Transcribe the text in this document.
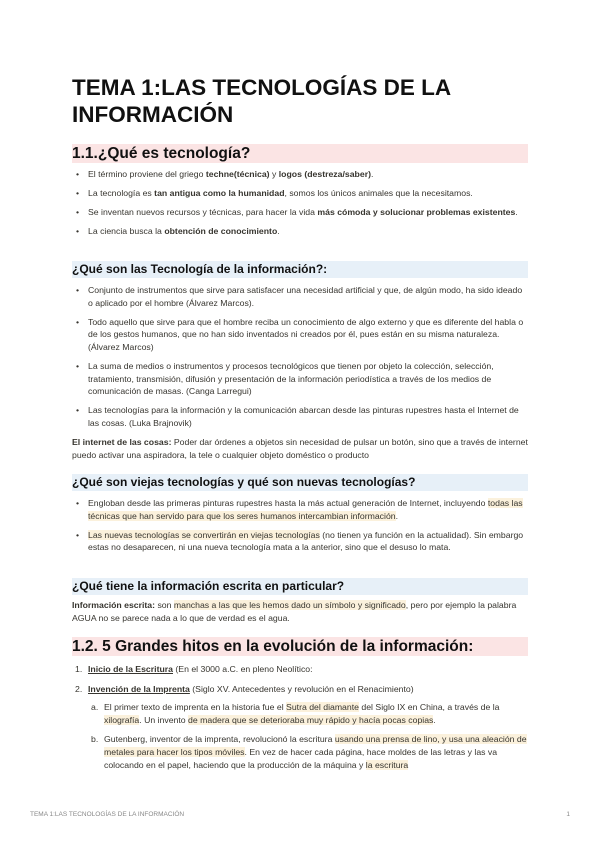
TEMA 1:LAS TECNOLOGÍAS DE LA INFORMACIÓN
1.1.¿Qué es tecnología?
• El término proviene del griego techne(técnica) y logos (destreza/saber).
• La tecnología es tan antigua como la humanidad, somos los únicos animales que la necesitamos.
• Se inventan nuevos recursos y técnicas, para hacer la vida más cómoda y solucionar problemas existentes.
• La ciencia busca la obtención de conocimiento.
¿Qué son las Tecnología de la información?:
• Conjunto de instrumentos que sirve para satisfacer una necesidad artificial y que, de algún modo, ha sido ideado o aplicado por el hombre (Álvarez Marcos).
• Todo aquello que sirve para que el hombre reciba un conocimiento de algo externo y que es diferente del habla o de los gestos humanos, que no han sido inventados ni creados por él, pues están en su misma naturaleza. (Álvarez Marcos)
• La suma de medios o instrumentos y procesos tecnológicos que tienen por objeto la colección, selección, tratamiento, transmisión, difusión y presentación de la información periodística a través de los medios de comunicación de masas. (Canga Larregui)
• Las tecnologías para la información y la comunicación abarcan desde las pinturas rupestres hasta el Internet de las cosas. (Luka Brajnovik)
El internet de las cosas: Poder dar órdenes a objetos sin necesidad de pulsar un botón, sino que a través de internet puedo activar una aspiradora, la tele o cualquier objeto doméstico o producto
¿Qué son viejas tecnologías y qué son nuevas tecnologías?
• Engloban desde las primeras pinturas rupestres hasta la más actual generación de Internet, incluyendo todas las técnicas que han servido para que los seres humanos intercambian información.
• Las nuevas tecnologías se convertirán en viejas tecnologías (no tienen ya función en la actualidad). Sin embargo estas no desaparecen, ni una nueva tecnología mata a la anterior, sino que el desuso lo mata.
¿Qué tiene la información escrita en particular?
Información escrita: son manchas a las que les hemos dado un símbolo y significado, pero por ejemplo la palabra AGUA no se parece nada a lo que de verdad es el agua.
1.2. 5 Grandes hitos en la evolución de la información:
1. Inicio de la Escritura (En el 3000 a.C. en pleno Neolítico:
2. Invención de la Imprenta (Siglo XV. Antecedentes y revolución en el Renacimiento)
a. El primer texto de imprenta en la historia fue el Sutra del diamante del Siglo IX en China, a través de la xilografía. Un invento de madera que se deterioraba muy rápido y hacía pocas copias.
b. Gutenberg, inventor de la imprenta, revolucionó la escritura usando una prensa de lino, y usa una aleación de metales para hacer los tipos móviles. En vez de hacer cada página, hace moldes de las letras y las va colocando en el papel, haciendo que la producción de la máquina y la escritura
TEMA 1:LAS TECNOLOGÍAS DE LA INFORMACIÓN	1
